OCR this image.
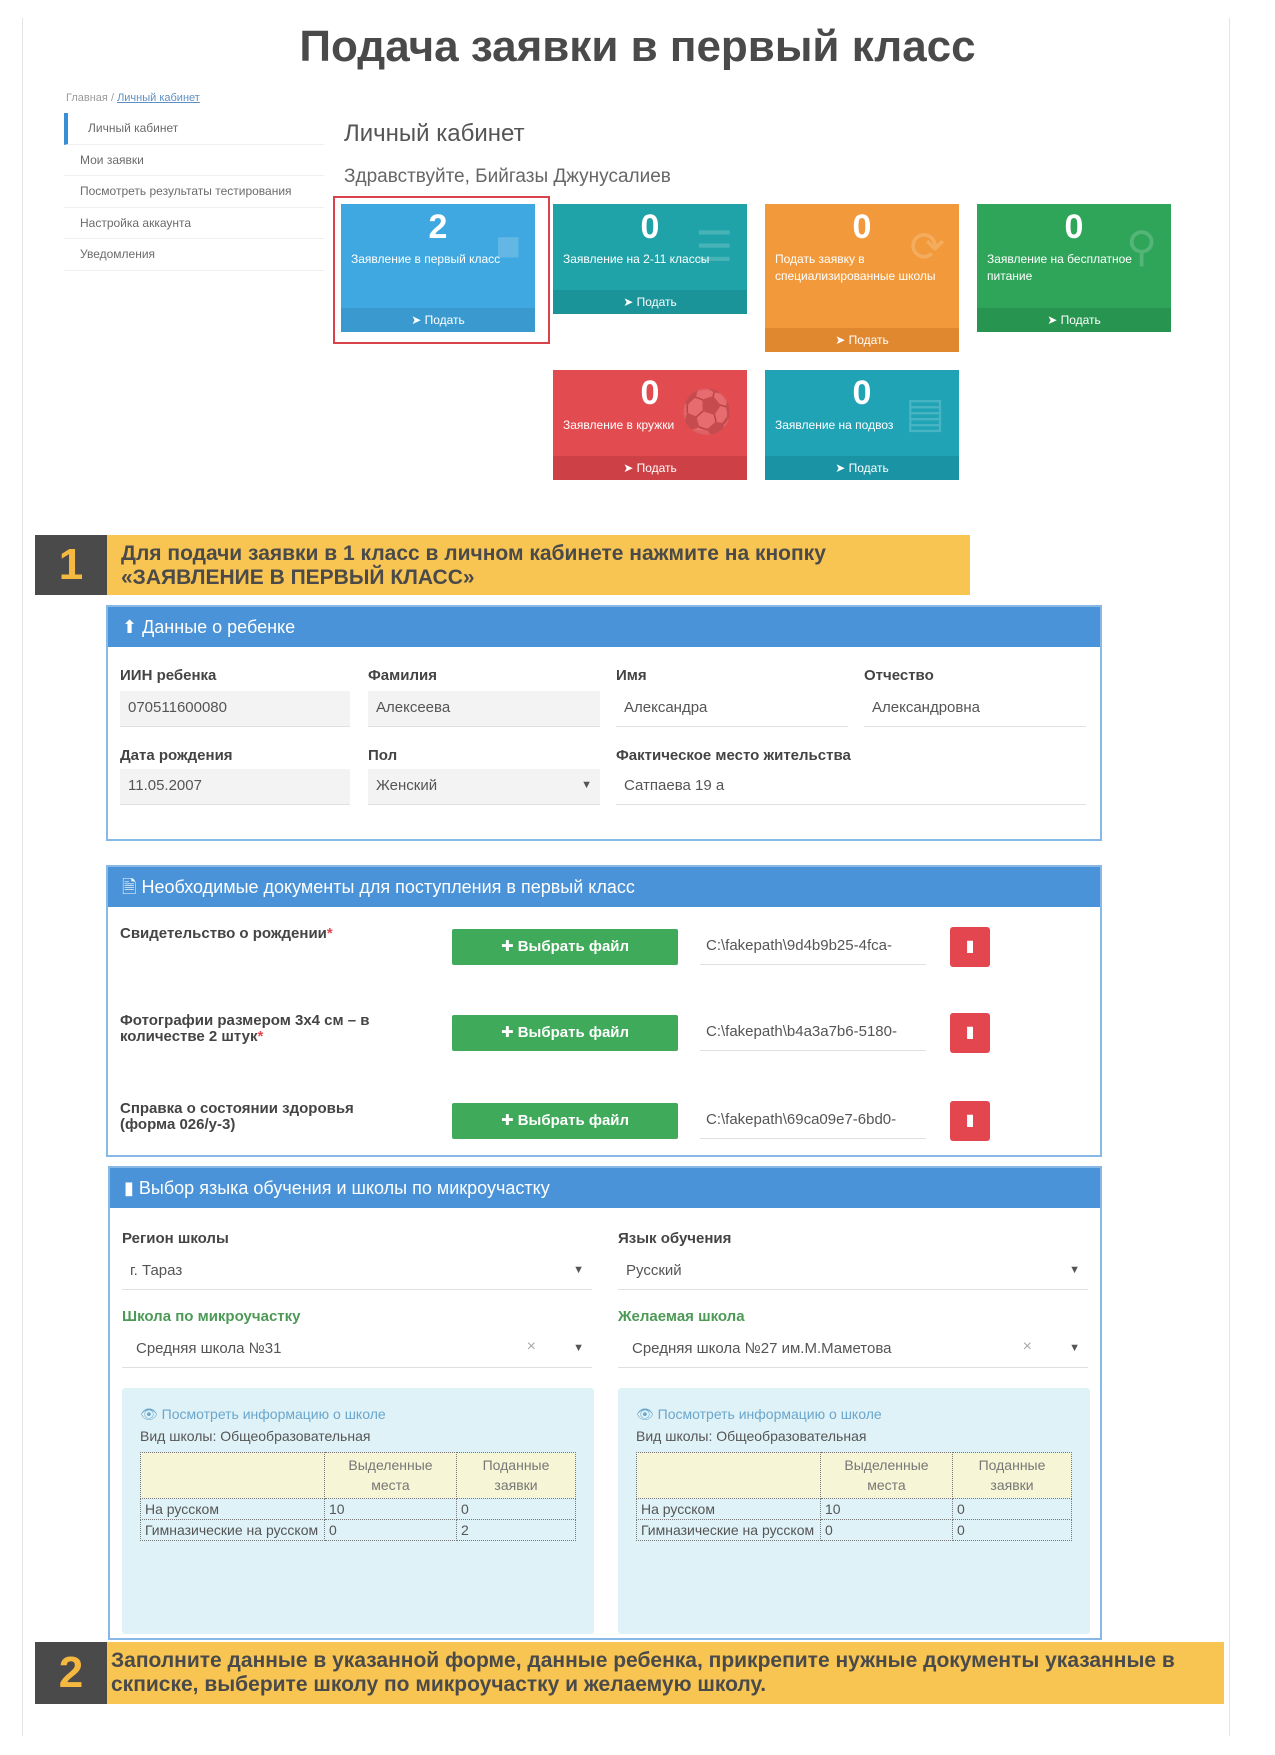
Подача заявки в первый класс
Главная / Личный кабинет
Личный кабинет
Мои заявки
Посмотреть результаты тестирования
Настройка аккаунта
Уведомления
Личный кабинет
Здравствуйте, Бийгазы Джунусалиев
■
2
Заявление в первый класс
➤ Подать
☰
0
Заявление на 2-11 классы
➤ Подать
⟳
0
Подать заявку в специализированные школы
➤ Подать
⚲
0
Заявление на бесплатное питание
➤ Подать
⚽
0
Заявление в кружки
➤ Подать
▤
0
Заявление на подвоз
➤ Подать
1	Для подачи заявки в 1 класс в личном кабинете нажмите на кнопку «ЗАЯВЛЕНИЕ В ПЕРВЫЙ КЛАСС»
⬆ Данные о ребенке
ИИН ребенка
070511600080
Фамилия
Алексеева
Имя
Александра
Отчество
Александровна
Дата рождения
11.05.2007
Пол
Женский	▼
Фактическое место жительства
Сатпаева 19 а
🗎 Необходимые документы для поступления в первый класс
Свидетельство о рождении*
✚ Выбрать файл	C:\fakepath\9d4b9b25-4fca-	▮
Фотографии размером 3x4 см – в количестве 2 штук*	✚ Выбрать файл	C:\fakepath\b4a3a7b6-5180-	▮
Справка о состоянии здоровья (форма 026/у-3)	✚ Выбрать файл	C:\fakepath\69ca09e7-6bd0-	▮
▮ Выбор языка обучения и школы по микроучастку
Регион школы
г. Тараз	▼
Язык обучения
Русский	▼
Школа по микроучастку
Средняя школа №31	×	▼
Желаемая школа
Средняя школа №27 им.М.Маметова	×	▼
👁 Посмотреть информацию о школе
Вид школы: Общеобразовательная
	Выделенные места	Поданные заявки
На русском	10	0
Гимназические на русском	0	2
👁 Посмотреть информацию о школе
Вид школы: Общеобразовательная
	Выделенные места	Поданные заявки
На русском	10	0
Гимназические на русском	0	0
2	Заполните данные в указанной форме, данные ребенка, прикрепите нужные документы указанные в скписке, выберите школу по микроучастку и желаемую школу.
